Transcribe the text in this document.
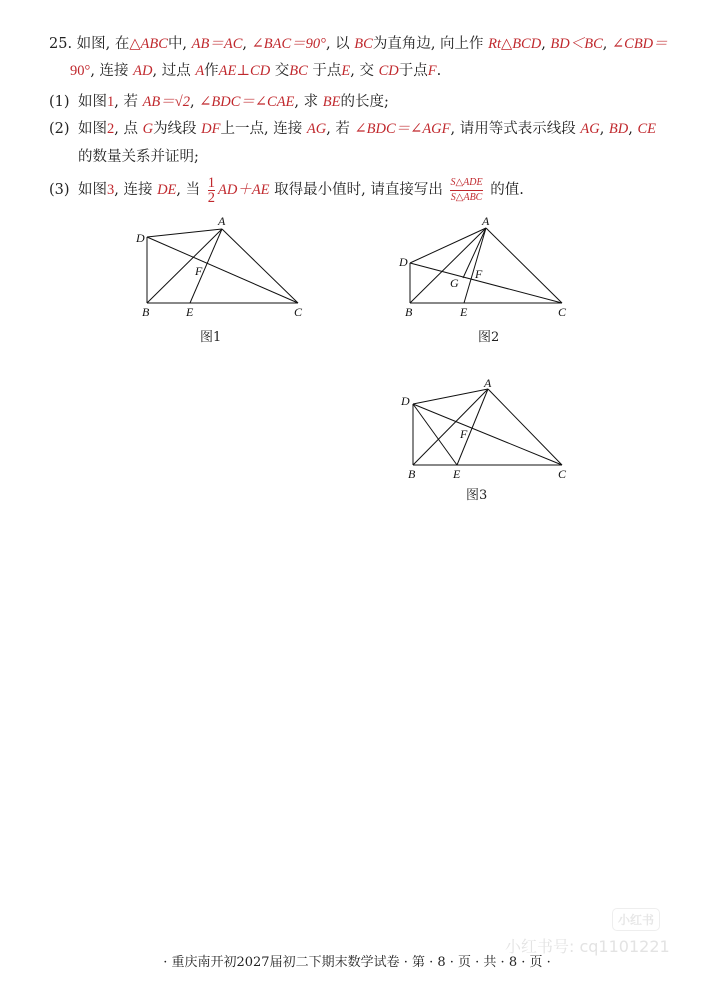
25. 如图, 在△ABC中, AB＝AC, ∠BAC＝90°, 以 BC为直角边, 向上作 Rt△BCD, BD＜BC, ∠CBD＝
90°, 连接 AD, 过点 A作AE⊥CD 交BC 于点E, 交 CD于点F.
(1) 如图1, 若 AB＝√2, ∠BDC＝∠CAE, 求 BE的长度;
(2) 如图2, 点 G为线段 DF上一点, 连接 AG, 若 ∠BDC＝∠AGF, 请用等式表示线段 AG, BD, CE
的数量关系并证明;
(3) 如图3, 连接 DE, 当 $\frac{1}{2} AD+AE$ 取得最小值时, 请直接写出 $\frac{\text{S△ADE}}{\text{S△ABC}}$ 的值.
A
D
F
B	E	C
图1
A
D
G
F
B	E	C
图2
A
D
F
B	E	C
图3
小红书
小红书号: cq1101221
· 重庆南开初2027届初二下期末数学试卷 · 第 · 8 · 页 · 共 · 8 · 页 ·
